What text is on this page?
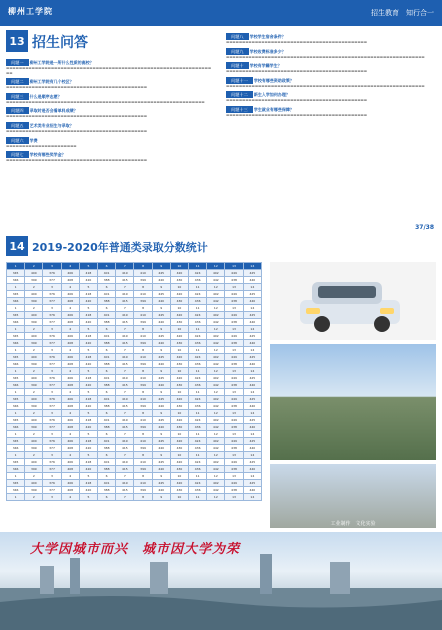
柳州工学院	招生教育　知行合一
13 招生问答
问题一 柳州工学院是一所什么性质的高校？
▬▬▬▬▬▬▬▬▬▬▬▬▬▬▬▬▬▬▬▬▬▬▬▬▬▬▬▬▬▬▬▬▬▬▬▬▬▬▬▬▬▬▬▬▬▬▬▬▬▬▬▬▬▬▬▬▬▬▬▬▬▬▬▬▬▬
问题二 柳州工学院有几个校区？
▬▬▬▬▬▬▬▬▬▬▬▬▬▬▬▬▬▬▬▬▬▬▬▬▬▬▬▬▬▬▬▬▬▬▬▬▬▬▬▬▬▬▬▬
问题三 什么是顺序志愿？
▬▬▬▬▬▬▬▬▬▬▬▬▬▬▬▬▬▬▬▬▬▬▬▬▬▬▬▬▬▬▬▬▬▬▬▬▬▬▬▬▬▬▬▬▬▬▬▬▬▬▬▬▬▬▬▬▬▬▬▬▬▬
问题四 录取时是否会看单科成绩？
▬▬▬▬▬▬▬▬▬▬▬▬▬▬▬▬▬▬▬▬▬▬▬▬▬▬▬▬▬▬▬▬▬▬▬▬▬▬▬▬▬▬▬▬
问题五 艺术类专业招生与录取？
▬▬▬▬▬▬▬▬▬▬▬▬▬▬▬▬▬▬▬▬▬▬▬▬▬▬▬▬▬▬▬▬▬▬▬▬▬▬▬▬▬▬▬▬
问题六 学费
▬▬▬▬▬▬▬▬▬▬▬▬▬▬▬▬▬▬▬▬▬▬
问题七 学校有哪些奖学金？
▬▬▬▬▬▬▬▬▬▬▬▬▬▬▬▬▬▬▬▬▬▬▬▬▬▬▬▬▬▬▬▬▬▬▬▬▬▬▬▬▬▬▬▬
问题八 学校学生宿舍条件？
▬▬▬▬▬▬▬▬▬▬▬▬▬▬▬▬▬▬▬▬▬▬▬▬▬▬▬▬▬▬▬▬▬▬▬▬▬▬▬▬▬▬▬▬
问题九 学校收费标准多少？
▬▬▬▬▬▬▬▬▬▬▬▬▬▬▬▬▬▬▬▬▬▬▬▬▬▬▬▬▬▬▬▬▬▬▬▬▬▬▬▬▬▬▬▬▬▬▬▬▬▬▬▬▬▬▬▬▬▬▬▬▬▬
问题十 学校有学籍学生？
▬▬▬▬▬▬▬▬▬▬▬▬▬▬▬▬▬▬▬▬▬▬▬▬▬▬▬▬▬▬▬▬▬▬▬▬▬▬▬▬▬▬▬▬
问题十一 学校有哪些资助政策？
▬▬▬▬▬▬▬▬▬▬▬▬▬▬▬▬▬▬▬▬▬▬▬▬▬▬▬▬▬▬▬▬▬▬▬▬▬▬▬▬▬▬▬▬▬▬▬▬▬▬▬▬▬▬▬▬▬▬▬▬▬▬
问题十二 新生入学如何办理？
▬▬▬▬▬▬▬▬▬▬▬▬▬▬▬▬▬▬▬▬▬▬▬▬▬▬▬▬▬▬▬▬▬▬▬▬▬▬▬▬▬▬▬▬
问题十三 学生就业有哪些保障？
▬▬▬▬▬▬▬▬▬▬▬▬▬▬▬▬▬▬▬▬▬▬▬▬▬▬▬▬▬▬▬▬▬▬▬▬▬▬▬▬▬▬▬▬
37/38
14 2019-2020年普通类录取分数统计
1	2	3	4	5	6	7	8	9	10	11	12	13	14
345	400	376	406	418	401	419	410	445	420	424	402	449	425
346	399	377	408	420	388	415	399	440	430	436	442	438	440
1	2	3	4	5	6	7	8	9	10	11	12	13	14
345	400	376	406	418	401	419	410	445	420	424	402	449	425
346	399	377	408	420	388	415	399	440	430	436	442	438	440
1	2	3	4	5	6	7	8	9	10	11	12	13	14
345	400	376	406	418	401	419	410	445	420	424	402	449	425
346	399	377	408	420	388	415	399	440	430	436	442	438	440
1	2	3	4	5	6	7	8	9	10	11	12	13	14
345	400	376	406	418	401	419	410	445	420	424	402	449	425
346	399	377	408	420	388	415	399	440	430	436	442	438	440
1	2	3	4	5	6	7	8	9	10	11	12	13	14
345	400	376	406	418	401	419	410	445	420	424	402	449	425
346	399	377	408	420	388	415	399	440	430	436	442	438	440
1	2	3	4	5	6	7	8	9	10	11	12	13	14
345	400	376	406	418	401	419	410	445	420	424	402	449	425
346	399	377	408	420	388	415	399	440	430	436	442	438	440
1	2	3	4	5	6	7	8	9	10	11	12	13	14
345	400	376	406	418	401	419	410	445	420	424	402	449	425
346	399	377	408	420	388	415	399	440	430	436	442	438	440
1	2	3	4	5	6	7	8	9	10	11	12	13	14
345	400	376	406	418	401	419	410	445	420	424	402	449	425
346	399	377	408	420	388	415	399	440	430	436	442	438	440
1	2	3	4	5	6	7	8	9	10	11	12	13	14
345	400	376	406	418	401	419	410	445	420	424	402	449	425
346	399	377	408	420	388	415	399	440	430	436	442	438	440
1	2	3	4	5	6	7	8	9	10	11	12	13	14
345	400	376	406	418	401	419	410	445	420	424	402	449	425
346	399	377	408	420	388	415	399	440	430	436	442	438	440
1	2	3	4	5	6	7	8	9	10	11	12	13	14
345	400	376	406	418	401	419	410	445	420	424	402	449	425
346	399	377	408	420	388	415	399	440	430	436	442	438	440
1	2	3	4	5	6	7	8	9	10	11	12	13	14
工业制作　文化实验
大学因城市而兴　城市因大学为荣
